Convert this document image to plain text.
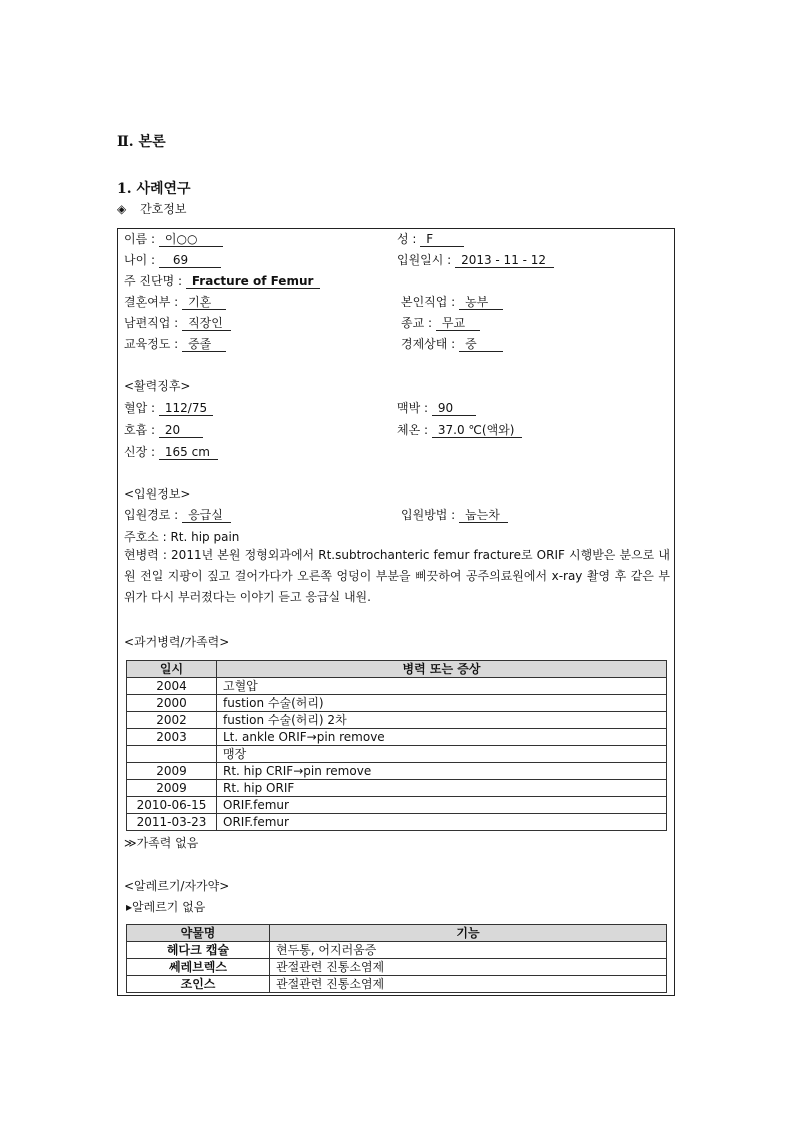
Ⅱ. 본론
1. 사례연구
◈ 간호정보
이름 : 이○○	성 : F
나이 : 69	입원일시 : 2013 - 11 - 12
주 진단명 : Fracture of Femur
결혼여부 : 기혼	본인직업 : 농부
남편직업 : 직장인	종교 : 무교
교육정도 : 중졸	경제상태 : 중
<활력징후>
혈압 : 112/75	맥박 : 90
호흡 : 20	체온 : 37.0 ℃(액와)
신장 : 165 cm
<입원정보>
입원경로 : 응급실	입원방법 : 눕는차
주호소 : Rt. hip pain
현병력 : 2011년 본원 정형외과에서 Rt.subtrochanteric femur fracture로 ORIF 시행받은 분으로 내원 전일 지팡이 짚고 걸어가다가 오른쪽 엉덩이 부분을 삐끗하여 공주의료원에서 x-ray 촬영 후 같은 부위가 다시 부러졌다는 이야기 듣고 응급실 내원.
<과거병력/가족력>
일시	병력 또는 증상
2004	고혈압
2000	fustion 수술(허리)
2002	fustion 수술(허리) 2차
2003	Lt. ankle ORIF→pin remove
	맹장
2009	Rt. hip CRIF→pin remove
2009	Rt. hip ORIF
2010-06-15	ORIF.femur
2011-03-23	ORIF.femur
≫가족력 없음
<알레르기/자가약>
▸알레르기 없음
약물명	기능
헤다크 캡슐	현두통, 어지러움증
쎄레브렉스	관절관련 진통소염제
조인스	관절관련 진통소염제
